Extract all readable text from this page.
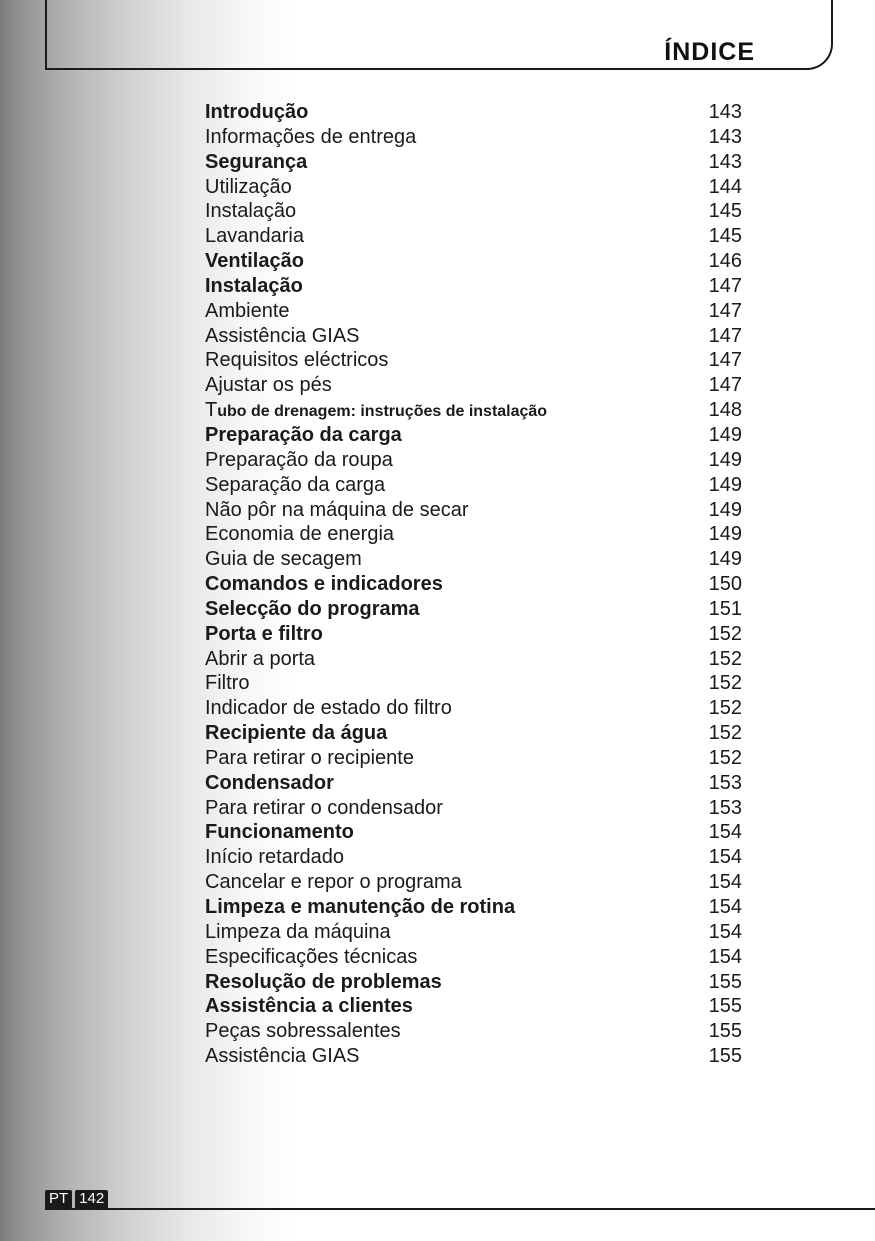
ÍNDICE
Introdução	143
Informações de entrega	143
Segurança	143
Utilização	144
Instalação	145
Lavandaria	145
Ventilação	146
Instalação	147
Ambiente	147
Assistência GIAS	147
Requisitos eléctricos	147
Ajustar os pés	147
Tubo de drenagem: instruções de instalação	148
Preparação da carga	149
Preparação da roupa	149
Separação da carga	149
Não pôr na máquina de secar	149
Economia de energia	149
Guia de secagem	149
Comandos e indicadores	150
Selecção do programa	151
Porta e filtro	152
Abrir a porta	152
Filtro	152
Indicador de estado do filtro	152
Recipiente da água	152
Para retirar o recipiente	152
Condensador	153
Para retirar o condensador	153
Funcionamento	154
Início retardado	154
Cancelar e repor o programa	154
Limpeza e manutenção de rotina	154
Limpeza da máquina	154
Especificações técnicas	154
Resolução de problemas	155
Assistência a clientes	155
Peças sobressalentes	155
Assistência GIAS	155
PT 142
